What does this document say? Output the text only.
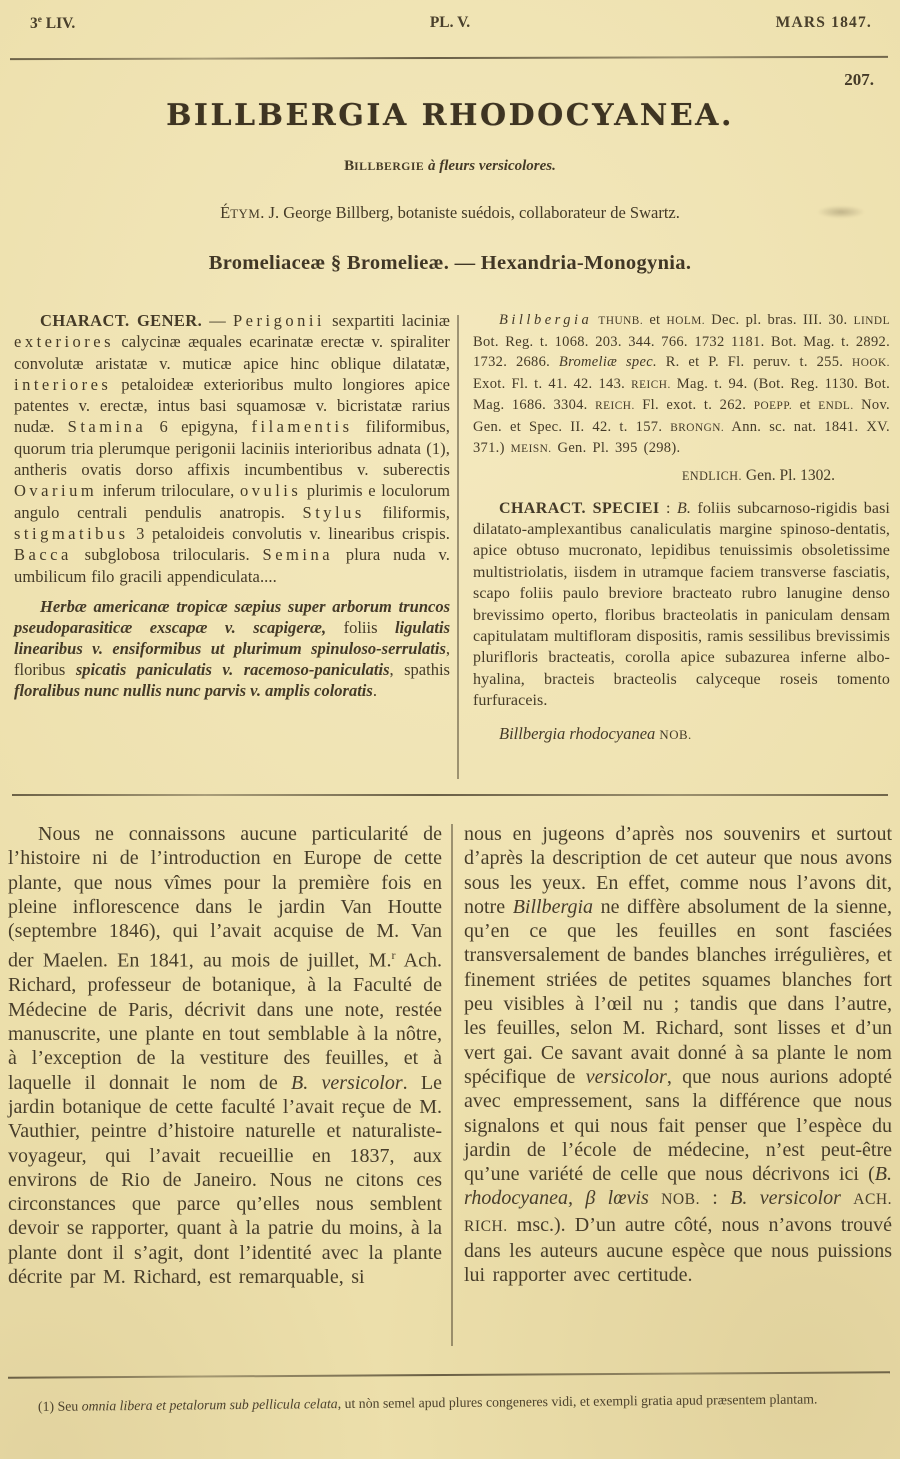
3e LIV.	PL. V.	MARS 1847.
207.
BILLBERGIA RHODOCYANEA.
BILLBERGIE à fleurs versicolores.
ÉTYM. J. George Billberg, botaniste suédois, collaborateur de Swartz.
Bromeliaceæ § Bromelieæ. — Hexandria-Monogynia.

CHARACT. GENER. — Perigonii sexpartiti laciniæ exteriores calycinæ æquales ecarinatæ erectæ v. spiraliter convolutæ aristatæ v. muticæ apice hinc oblique dilatatæ, interiores petaloideæ exterioribus multo longiores apice patentes v. erectæ, intus basi squamosæ v. bicristatæ rarius nudæ. Stamina 6 epigyna, filamentis filiformibus, quorum tria plerumque perigonii laciniis interioribus adnata (1), antheris ovatis dorso affixis incumbentibus v. suberectis Ovarium inferum triloculare, ovulis plurimis e loculorum angulo centrali pendulis anatropis. Stylus filiformis, stigmatibus 3 petaloideis convolutis v. linearibus crispis. Bacca subglobosa trilocularis. Semina plura nuda v. umbilicum filo gracili appendiculata....

Herbæ americanæ tropicæ sæpius super arborum truncos pseudoparasiticæ exscapæ v. scapigeræ, foliis ligulatis linearibus v. ensiformibus ut plurimum spinuloso-serrulatis, floribus spicatis paniculatis v. racemoso-paniculatis, spathis floralibus nunc nullis nunc parvis v. amplis coloratis.

Billbergia THUNB. et HOLM. Dec. pl. bras. III. 30. LINDL Bot. Reg. t. 1068. 203. 344. 766. 1732 1181. Bot. Mag. t. 2892. 1732. 2686. Bromeliæ spec. R. et P. Fl. peruv. t. 255. HOOK. Exot. Fl. t. 41. 42. 143. REICH. Mag. t. 94. (Bot. Reg. 1130. Bot. Mag. 1686. 3304. REICH. Fl. exot. t. 262. POEPP. et ENDL. Nov. Gen. et Spec. II. 42. t. 157. BRONGN. Ann. sc. nat. 1841. XV. 371.) MEISN. Gen. Pl. 395 (298).

ENDLICH. Gen. Pl. 1302.

CHARACT. SPECIEI : B. foliis subcarnoso-rigidis basi dilatato-amplexantibus canaliculatis margine spinoso-dentatis, apice obtuso mucronato, lepidibus tenuissimis obsoletissime multistriolatis, iisdem in utramque faciem transverse fasciatis, scapo foliis paulo breviore bracteato rubro lanugine denso brevissimo operto, floribus bracteolatis in paniculam densam capitulatam multifloram dispositis, ramis sessilibus brevissimis plurifloris bracteatis, corolla apice subazurea inferne albo-hyalina, bracteis bracteolis calyceque roseis tomento furfuraceis.

Billbergia rhodocyanea NOB.

Nous ne connaissons aucune particularité de l’histoire ni de l’introduction en Europe de cette plante, que nous vîmes pour la première fois en pleine inflorescence dans le jardin Van Houtte (septembre 1846), qui l’avait acquise de M. Van der Maelen. En 1841, au mois de juillet, M.$^r$ Ach. Richard, professeur de botanique, à la Faculté de Médecine de Paris, décrivit dans une note, restée manuscrite, une plante en tout semblable à la nôtre, à l’exception de la vestiture des feuilles, et à laquelle il donnait le nom de B. versicolor. Le jardin botanique de cette faculté l’avait reçue de M. Vauthier, peintre d’histoire naturelle et naturaliste-voyageur, qui l’avait recueillie en 1837, aux environs de Rio de Janeiro. Nous ne citons ces circonstances que parce qu’elles nous semblent devoir se rapporter, quant à la patrie du moins, à la plante dont il s’agit, dont l’identité avec la plante décrite par M. Richard, est remarquable, si

nous en jugeons d’après nos souvenirs et surtout d’après la description de cet auteur que nous avons sous les yeux. En effet, comme nous l’avons dit, notre Billbergia ne diffère absolument de la sienne, qu’en ce que les feuilles en sont fasciées transversalement de bandes blanches irrégulières, et finement striées de petites squames blanches fort peu visibles à l’œil nu ; tandis que dans l’autre, les feuilles, selon M. Richard, sont lisses et d’un vert gai. Ce savant avait donné à sa plante le nom spécifique de versicolor, que nous aurions adopté avec empressement, sans la différence que nous signalons et qui nous fait penser que l’espèce du jardin de l’école de médecine, n’est peut-être qu’une variété de celle que nous décrivons ici (B. rhodocyanea, β lœvis NOB. : B. versicolor ACH. RICH. msc.). D’un autre côté, nous n’avons trouvé dans les auteurs aucune espèce que nous puissions lui rapporter avec certitude.

(1) Seu omnia libera et petalorum sub pellicula celata, ut nòn semel apud plures congeneres vidi, et exempli gratia apud præsentem plantam.
